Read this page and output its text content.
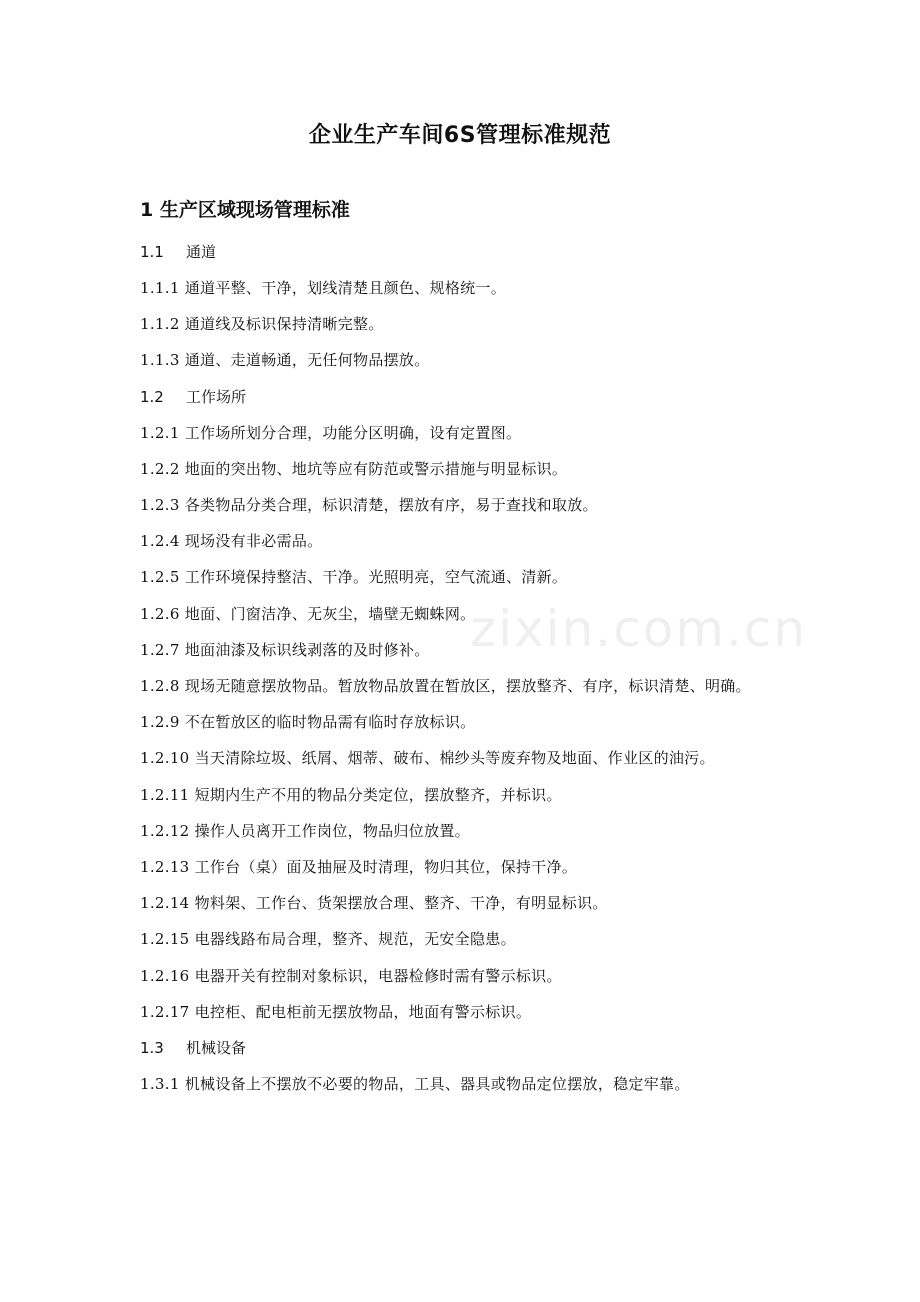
zixin.com.cn
企业生产车间6S管理标准规范
1 生产区域现场管理标准
1.1 通道
1.1.1 通道平整、干净，划线清楚且颜色、规格统一。
1.1.2 通道线及标识保持清晰完整。
1.1.3 通道、走道畅通，无任何物品摆放。
1.2 工作场所
1.2.1 工作场所划分合理，功能分区明确，设有定置图。
1.2.2 地面的突出物、地坑等应有防范或警示措施与明显标识。
1.2.3 各类物品分类合理，标识清楚，摆放有序，易于查找和取放。
1.2.4 现场没有非必需品。
1.2.5 工作环境保持整洁、干净。光照明亮，空气流通、清新。
1.2.6 地面、门窗洁净、无灰尘，墙壁无蜘蛛网。
1.2.7 地面油漆及标识线剥落的及时修补。
1.2.8 现场无随意摆放物品。暂放物品放置在暂放区，摆放整齐、有序，标识清楚、明确。
1.2.9 不在暂放区的临时物品需有临时存放标识。
1.2.10 当天清除垃圾、纸屑、烟蒂、破布、棉纱头等废弃物及地面、作业区的油污。
1.2.11 短期内生产不用的物品分类定位，摆放整齐，并标识。
1.2.12 操作人员离开工作岗位，物品归位放置。
1.2.13 工作台（桌）面及抽屉及时清理，物归其位，保持干净。
1.2.14 物料架、工作台、货架摆放合理、整齐、干净，有明显标识。
1.2.15 电器线路布局合理，整齐、规范，无安全隐患。
1.2.16 电器开关有控制对象标识，电器检修时需有警示标识。
1.2.17 电控柜、配电柜前无摆放物品，地面有警示标识。
1.3 机械设备
1.3.1 机械设备上不摆放不必要的物品，工具、器具或物品定位摆放，稳定牢靠。
